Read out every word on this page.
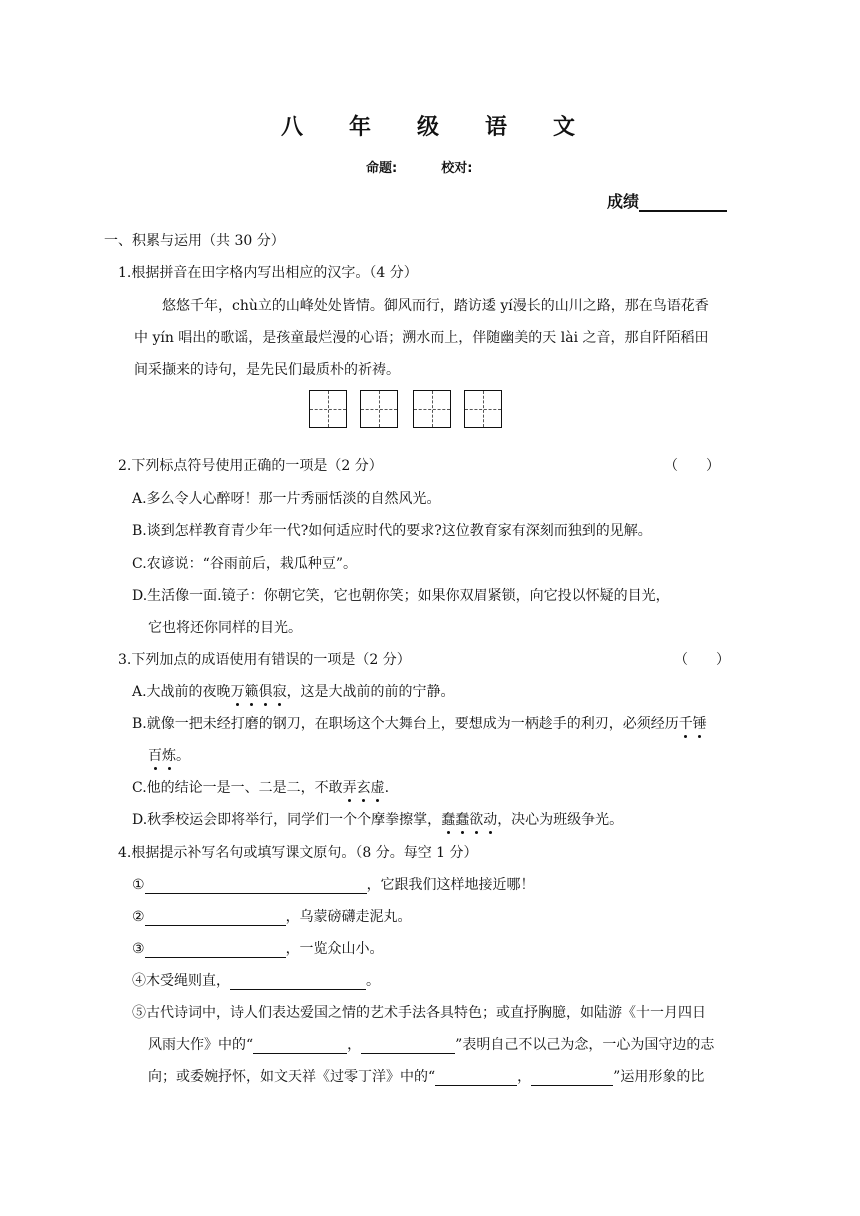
八 年 级 语 文
命题:	校对:
成绩
一、积累与运用（共 30 分）
1.根据拼音在田字格内写出相应的汉字。（4 分）
悠悠千年，chù立的山峰处处皆情。御风而行，踏访逶 yí漫长的山川之路，那在鸟语花香
中 yín 唱出的歌谣，是孩童最烂漫的心语；溯水而上，伴随幽美的天 lài 之音，那自阡陌稻田
间采撷来的诗句，是先民们最质朴的祈祷。
2.下列标点符号使用正确的一项是（2 分）	（　　）
A.多么令人心醉呀！那一片秀丽恬淡的自然风光。
B.谈到怎样教育青少年一代?如何适应时代的要求?这位教育家有深刻而独到的见解。
C.农谚说：“谷雨前后，栽瓜种豆”。
D.生活像一面.镜子：你朝它笑，它也朝你笑；如果你双眉紧锁，向它投以怀疑的目光，
它也将还你同样的目光。
3.下列加点的成语使用有错误的一项是（2 分）	（　　）
A.大战前的夜晚万籁俱寂，这是大战前的前的宁静。
B.就像一把未经打磨的钢刀，在职场这个大舞台上，要想成为一柄趁手的利刃，必须经历千锤
百炼。
C.他的结论一是一、二是二，不敢弄玄虚.
D.秋季校运会即将举行，同学们一个个摩拳擦掌，蠢蠢欲动，决心为班级争光。
4.根据提示补写名句或填写课文原句。（8 分。每空 1 分）
①	，它跟我们这样地接近哪！
②	，乌蒙磅礴走泥丸。
③	，一览众山小。
④木受绳则直，	。
⑤古代诗词中，诗人们表达爱国之情的艺术手法各具特色；或直抒胸臆，如陆游《十一月四日
风雨大作》中的“	，	”表明自己不以己为念，一心为国守边的志
向；或委婉抒怀，如文天祥《过零丁洋》中的“	，	”运用形象的比
